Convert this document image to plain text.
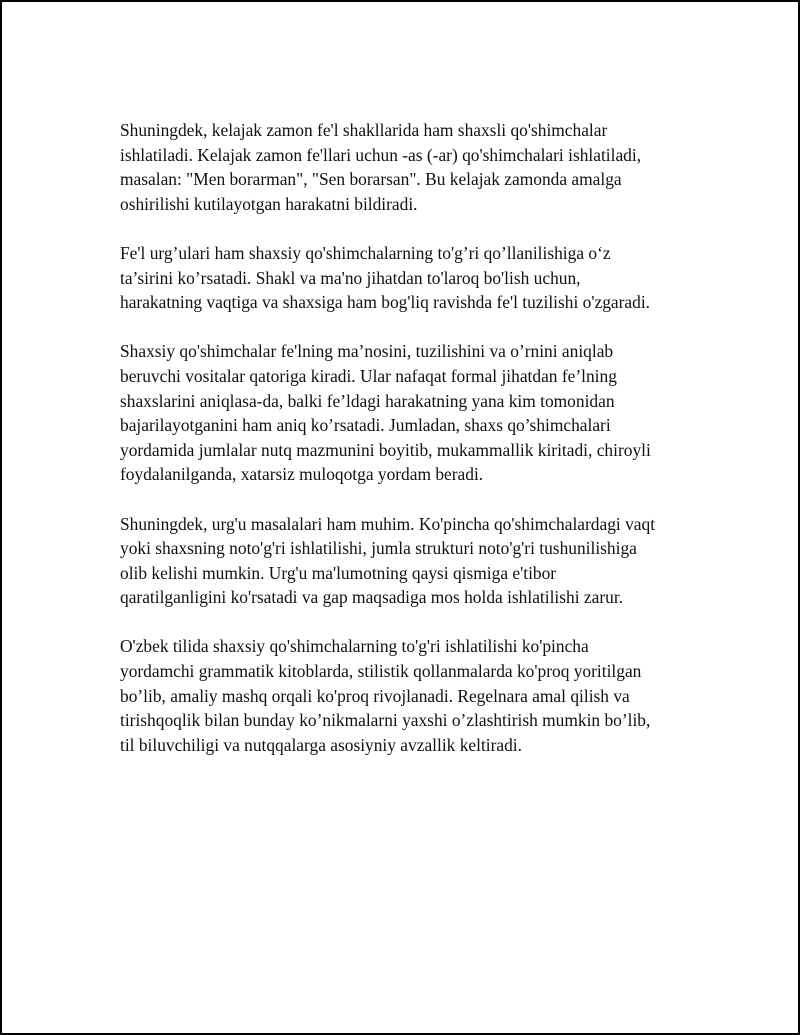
Shuningdek, kelajak zamon fe'l shakllarida ham shaxsli qo'shimchalar
ishlatiladi. Kelajak zamon fe'llari uchun -as (-ar) qo'shimchalari ishlatiladi,
masalan: "Men borarman", "Sen borarsan". Bu kelajak zamonda amalga
oshirilishi kutilayotgan harakatni bildiradi.

Fe'l urg’ulari ham shaxsiy qo'shimchalarning to'g’ri qo’llanilishiga o‘z
ta’sirini ko’rsatadi. Shakl va ma'no jihatdan to'laroq bo'lish uchun,
harakatning vaqtiga va shaxsiga ham bog'liq ravishda fe'l tuzilishi o'zgaradi.

Shaxsiy qo'shimchalar fe'lning ma’nosini, tuzilishini va o’rnini aniqlab
beruvchi vositalar qatoriga kiradi. Ular nafaqat formal jihatdan fe’lning
shaxslarini aniqlasa-da, balki fe’ldagi harakatning yana kim tomonidan
bajarilayotganini ham aniq ko’rsatadi. Jumladan, shaxs qo’shimchalari
yordamida jumlalar nutq mazmunini boyitib, mukammallik kiritadi, chiroyli
foydalanilganda, xatarsiz muloqotga yordam beradi.

Shuningdek, urg'u masalalari ham muhim. Ko'pincha qo'shimchalardagi vaqt
yoki shaxsning noto'g'ri ishlatilishi, jumla strukturi noto'g'ri tushunilishiga
olib kelishi mumkin. Urg'u ma'lumotning qaysi qismiga e'tibor
qaratilganligini ko'rsatadi va gap maqsadiga mos holda ishlatilishi zarur.

O'zbek tilida shaxsiy qo'shimchalarning to'g'ri ishlatilishi ko'pincha
yordamchi grammatik kitoblarda, stilistik qollanmalarda ko'proq yoritilgan
bo’lib, amaliy mashq orqali ko'proq rivojlanadi. Regelnara amal qilish va
tirishqoqlik bilan bunday ko’nikmalarni yaxshi o’zlashtirish mumkin bo’lib,
til biluvchiligi va nutqqalarga asosiyniy avzallik keltiradi.
